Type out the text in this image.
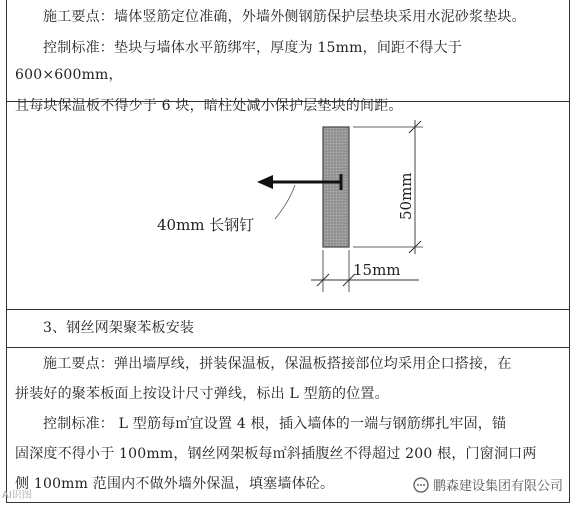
施工要点：墙体竖筋定位准确，外墙外侧钢筋保护层垫块采用水泥砂浆垫块。

控制标准：垫块与墙体水平筋绑牢，厚度为 15mm，间距不得大于 600×600mm，

且每块保温板不得少于 6 块，暗柱处减小保护层垫块的间距。

40mm 长钢钉
50mm
15mm

3、钢丝网架聚苯板安装

施工要点：弹出墙厚线，拼装保温板，保温板搭接部位均采用企口搭接，在

拼装好的聚苯板面上按设计尺寸弹线，标出 L 型筋的位置。

控制标准： L 型筋每㎡宜设置 4 根，插入墙体的一端与钢筋绑扎牢固，锚

固深度不得小于 100mm，钢丝网架板每㎡斜插腹丝不得超过 200 根，门窗洞口两

侧 100mm 范围内不做外墙外保温，填塞墙体砼。

AI识图
鹏森建设集团有限公司
